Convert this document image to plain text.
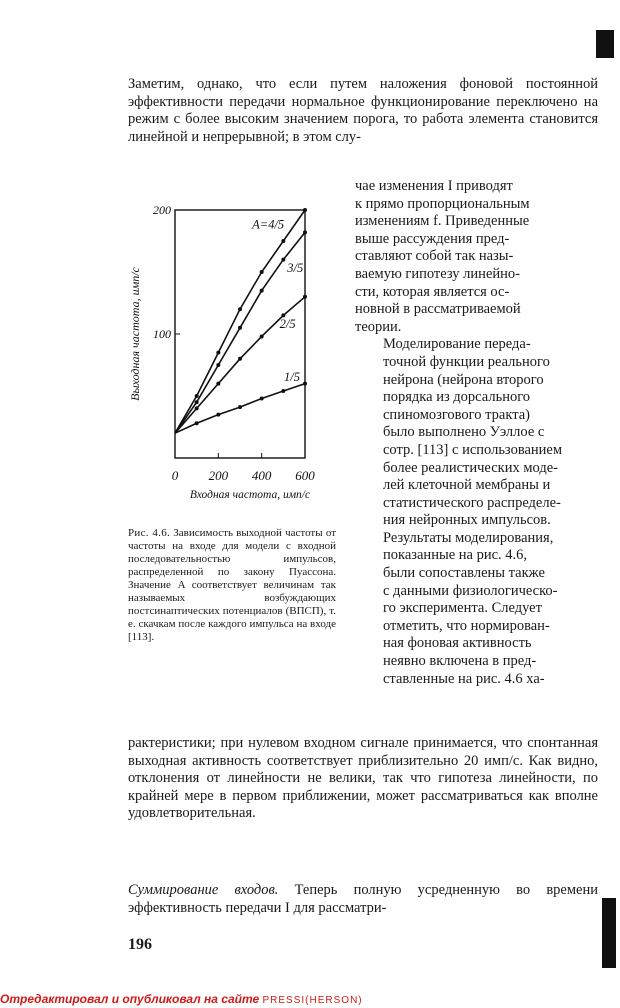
Заметим, однако, что если путем наложения фоновой постоянной эффективности передачи нормальное функционирование переключено на режим с более высоким значением порога, то работа элемента становится линейной и непрерывной; в этом слу-
0 200 400 600
100
200
Входная частота, имп/с
Выходная частота, имп/с
A=4/5
3/5
2/5
1/5

чае изменения I приводят
к прямо пропорциональным
изменениям f. Приведенные
выше рассуждения пред-
ставляют собой так назы-
ваемую гипотезу линейно-
сти, которая является ос-
новной в рассматриваемой
теории.

Моделирование переда-
точной функции реального
нейрона (нейрона второго
порядка из дорсального
спиномозгового тракта)
было выполнено Уэллое с
сотр. [113] с использованием
более реалистических моде-
лей клеточной мембраны и
статистического распределе-
ния нейронных импульсов.
Результаты моделирования,
показанные на рис. 4.6,
были сопоставлены также
с данными физиологическо-
го эксперимента. Следует
отметить, что нормирован-
ная фоновая активность
неявно включена в пред-
ставленные на рис. 4.6 ха-

Рис. 4.6. Зависимость выходной частоты от частоты на входе для модели с входной последовательностью импульсов, распределенной по закону Пуассона. Значение A соответствует величинам так называемых возбуждающих постсинаптических потенциалов (ВПСП), т. е. скачкам после каждого импульса на входе [113].
рактеристики; при нулевом входном сигнале принимается, что спонтанная выходная активность соответствует приблизительно 20 имп/с. Как видно, отклонения от линейности не велики, так что гипотеза линейности, по крайней мере в первом приближении, может рассматриваться как вполне удовлетворительная.
Суммирование входов. Теперь полную усредненную во времени эффективность передачи I для рассматри-
196
Отредактировал и опубликовал на сайте PRESSI(HERSON)
